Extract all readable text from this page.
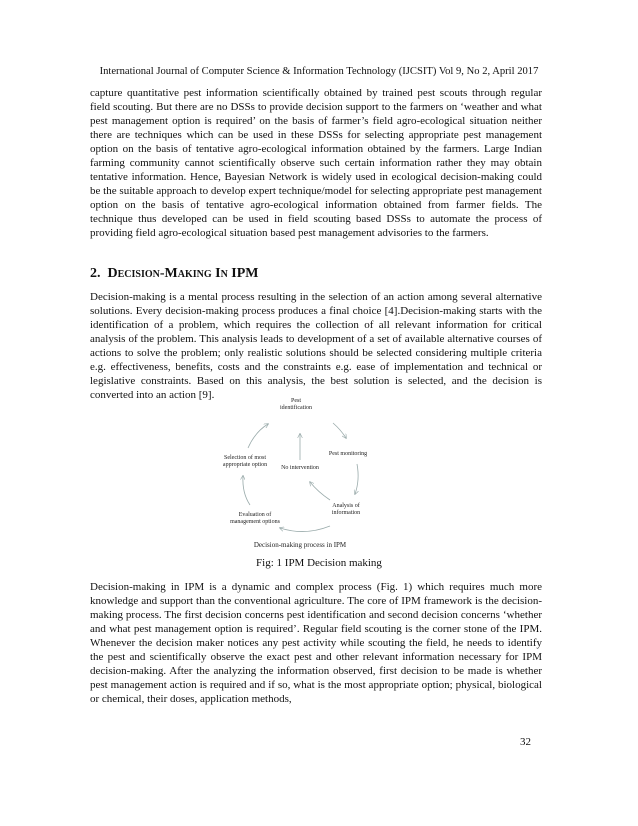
International Journal of Computer Science & Information Technology (IJCSIT) Vol 9, No 2, April 2017

capture quantitative pest information scientifically obtained by trained pest scouts through regular field scouting. But there are no DSSs to provide decision support to the farmers on ‘weather and what pest management option is required’ on the basis of farmer’s field agro-ecological situation neither there are techniques which can be used in these DSSs for selecting appropriate pest management option on the basis of tentative agro-ecological information obtained by the farmers. Large Indian farming community cannot scientifically observe such certain information rather they may obtain tentative information. Hence, Bayesian Network is widely used in ecological decision-making could be the suitable approach to develop expert technique/model for selecting appropriate pest management option on the basis of tentative agro-ecological information obtained from farmer fields. The technique thus developed can be used in field scouting based DSSs to automate the process of providing field agro-ecological situation based pest management advisories to the farmers.

2. Decision-Making In IPM

Decision-making is a mental process resulting in the selection of an action among several alternative solutions. Every decision-making process produces a final choice [4].Decision-making starts with the identification of a problem, which requires the collection of all relevant information for critical analysis of the problem. This analysis leads to development of a set of available alternative courses of actions to solve the problem; only realistic solutions should be selected considering multiple criteria e.g. effectiveness, benefits, costs and the constraints e.g. ease of implementation and technical or legislative constraints. Based on this analysis, the best solution is selected, and the decision is converted into an action [9].	Pest
identification
Pest monitoring
Analysis of
information
Evaluation of
management options
Selection of most
appropriate option No intervention
Decision-making process in IPM
Fig: 1 IPM Decision making

Decision-making in IPM is a dynamic and complex process (Fig. 1) which requires much more knowledge and support than the conventional agriculture. The core of IPM framework is the decision-making process. The first decision concerns pest identification and second decision concerns ‘whether and what pest management option is required’. Regular field scouting is the corner stone of the IPM. Whenever the decision maker notices any pest activity while scouting the field, he needs to identify the pest and scientifically observe the exact pest and other relevant information necessary for IPM decision-making. After the analyzing the information observed, first decision to be made is whether pest management action is required and if so, what is the most appropriate option; physical, biological or chemical, their doses, application methods,

32
